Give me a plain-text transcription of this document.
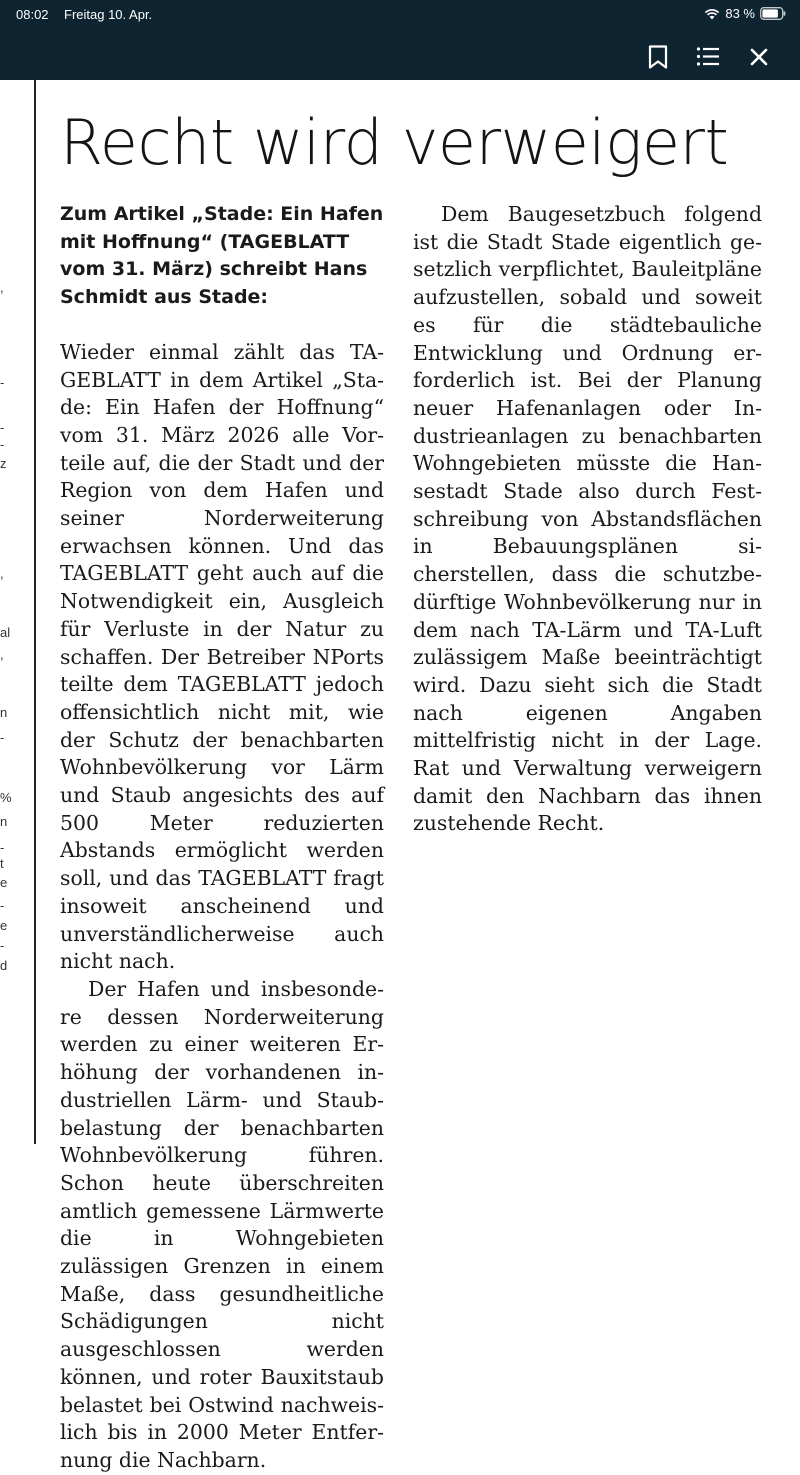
08:02 Freitag 10. Apr.	83 %
,
-
-
-
z
,
al
,
n
-
%
n
-
t
e
-
e
-
d
Recht wird verweigert

Zum Artikel „Stade: Ein Hafen mit Hoffnung“ (TAGEBLATT vom 31. März) schreibt Hans Schmidt aus Stade:

Wieder einmal zählt das TAGEBLATT in dem Artikel „Stade: Ein Hafen der Hoffnung“ vom 31. März 2026 alle Vorteile auf, die der Stadt und der Region von dem Hafen und seiner Norderweiterung erwachsen können. Und das TAGEBLATT geht auch auf die Notwendigkeit ein, Ausgleich für Verluste in der Natur zu schaffen. Der Betreiber NPorts teilte dem TAGEBLATT jedoch offensichtlich nicht mit, wie der Schutz der benachbarten Wohnbevölkerung vor Lärm und Staub angesichts des auf 500 Meter reduzierten Abstands ermöglicht werden soll, und das TAGEBLATT fragt insoweit anscheinend und unverständlicherweise auch nicht nach.

Der Hafen und insbesondere dessen Norderweiterung werden zu einer weiteren Erhöhung der vorhandenen industriellen Lärm- und Staubbelastung der benachbarten Wohnbevölkerung führen. Schon heute überschreiten amtlich gemessene Lärmwerte die in Wohngebieten zulässigen Grenzen in einem Maße, dass gesundheitliche Schädigungen nicht ausgeschlossen werden können, und roter Bauxitstaub belastet bei Ostwind nachweislich bis in 2000 Meter Entfernung die Nachbarn.

Dem Baugesetzbuch folgend ist die Stadt Stade eigentlich gesetzlich verpflichtet, Bauleitpläne aufzustellen, sobald und soweit es für die städtebauliche Entwicklung und Ordnung erforderlich ist. Bei der Planung neuer Hafenanlagen oder Industrieanlagen zu benachbarten Wohngebieten müsste die Hansestadt Stade also durch Festschreibung von Abstandsflächen in Bebauungsplänen sicherstellen, dass die schutzbedürftige Wohnbevölkerung nur in dem nach TA-Lärm und TA-Luft zulässigem Maße beeinträchtigt wird. Dazu sieht sich die Stadt nach eigenen Angaben mittelfristig nicht in der Lage. Rat und Verwaltung verweigern damit den Nachbarn das ihnen zustehende Recht.
